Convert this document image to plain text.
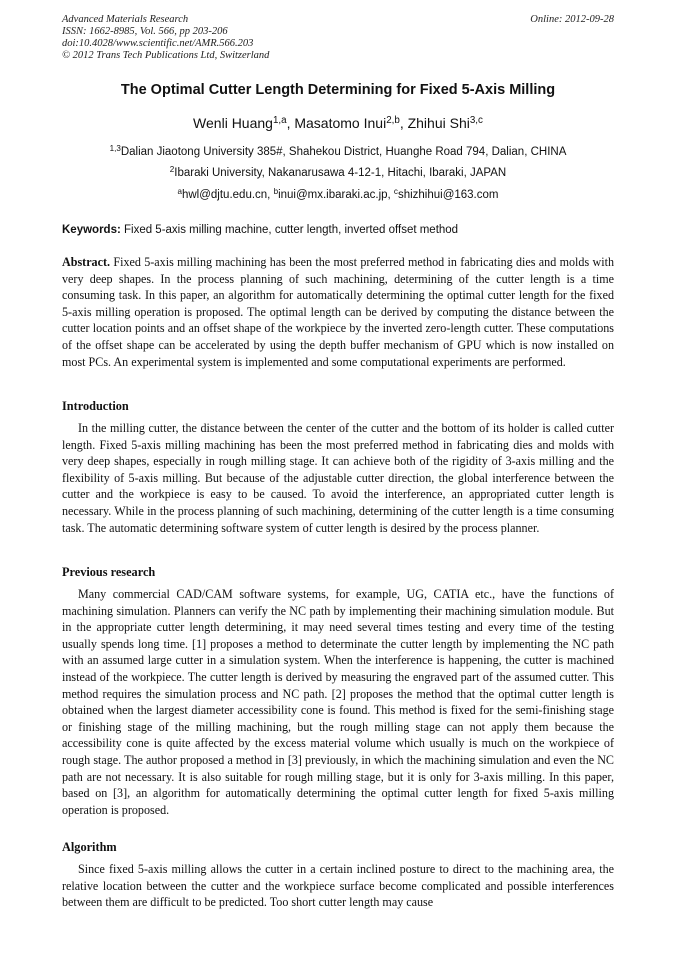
Advanced Materials Research
ISSN: 1662-8985, Vol. 566, pp 203-206
doi:10.4028/www.scientific.net/AMR.566.203
© 2012 Trans Tech Publications Ltd, Switzerland
Online: 2012-09-28
The Optimal Cutter Length Determining for Fixed 5-Axis Milling
Wenli Huang$^{1,a}$, Masatomo Inui$^{2,b}$, Zhihui Shi$^{3,c}$
$^{1,3}$Dalian Jiaotong University 385#, Shahekou District, Huanghe Road 794, Dalian, CHINA
$^2$Ibaraki University, Nakanarusawa 4-12-1, Hitachi, Ibaraki, JAPAN
$^a$hwl@djtu.edu.cn, $^b$inui@mx.ibaraki.ac.jp, $^c$shizhihui@163.com
Keywords: Fixed 5-axis milling machine, cutter length, inverted offset method

Abstract. Fixed 5-axis milling machining has been the most preferred method in fabricating dies and molds with very deep shapes. In the process planning of such machining, determining of the cutter length is a time consuming task. In this paper, an algorithm for automatically determining the optimal cutter length for the fixed 5-axis milling operation is proposed. The optimal length can be derived by computing the distance between the cutter location points and an offset shape of the workpiece by the inverted zero-length cutter. These computations of the offset shape can be accelerated by using the depth buffer mechanism of GPU which is now installed on most PCs. An experimental system is implemented and some computational experiments are performed.

Introduction
In the milling cutter, the distance between the center of the cutter and the bottom of its holder is called cutter length. Fixed 5-axis milling machining has been the most preferred method in fabricating dies and molds with very deep shapes, especially in rough milling stage. It can achieve both of the rigidity of 3-axis milling and the flexibility of 5-axis milling. But because of the adjustable cutter direction, the global interference between the cutter and the workpiece is easy to be caused. To avoid the interference, an appropriated cutter length is necessary. While in the process planning of such machining, determining of the cutter length is a time consuming task. The automatic determining software system of cutter length is desired by the process planner.
Previous research
Many commercial CAD/CAM software systems, for example, UG, CATIA etc., have the functions of machining simulation. Planners can verify the NC path by implementing their machining simulation module. But in the appropriate cutter length determining, it may need several times testing and every time of the testing usually spends long time. [1] proposes a method to determinate the cutter length by implementing the NC path with an assumed large cutter in a simulation system. When the interference is happening, the cutter is machined instead of the workpiece. The cutter length is derived by measuring the engraved part of the assumed cutter. This method requires the simulation process and NC path. [2] proposes the method that the optimal cutter length is obtained when the largest diameter accessibility cone is found. This method is fixed for the semi-finishing stage or finishing stage of the milling machining, but the rough milling stage can not apply them because the accessibility cone is quite affected by the excess material volume which usually is much on the workpiece of rough stage. The author proposed a method in [3] previously, in which the machining simulation and even the NC path are not necessary. It is also suitable for rough milling stage, but it is only for 3-axis milling. In this paper, based on [3], an algorithm for automatically determining the optimal cutter length for fixed 5-axis milling operation is proposed.
Algorithm
Since fixed 5-axis milling allows the cutter in a certain inclined posture to direct to the machining area, the relative location between the cutter and the workpiece surface become complicated and possible interferences between them are difficult to be predicted. Too short cutter length may cause
